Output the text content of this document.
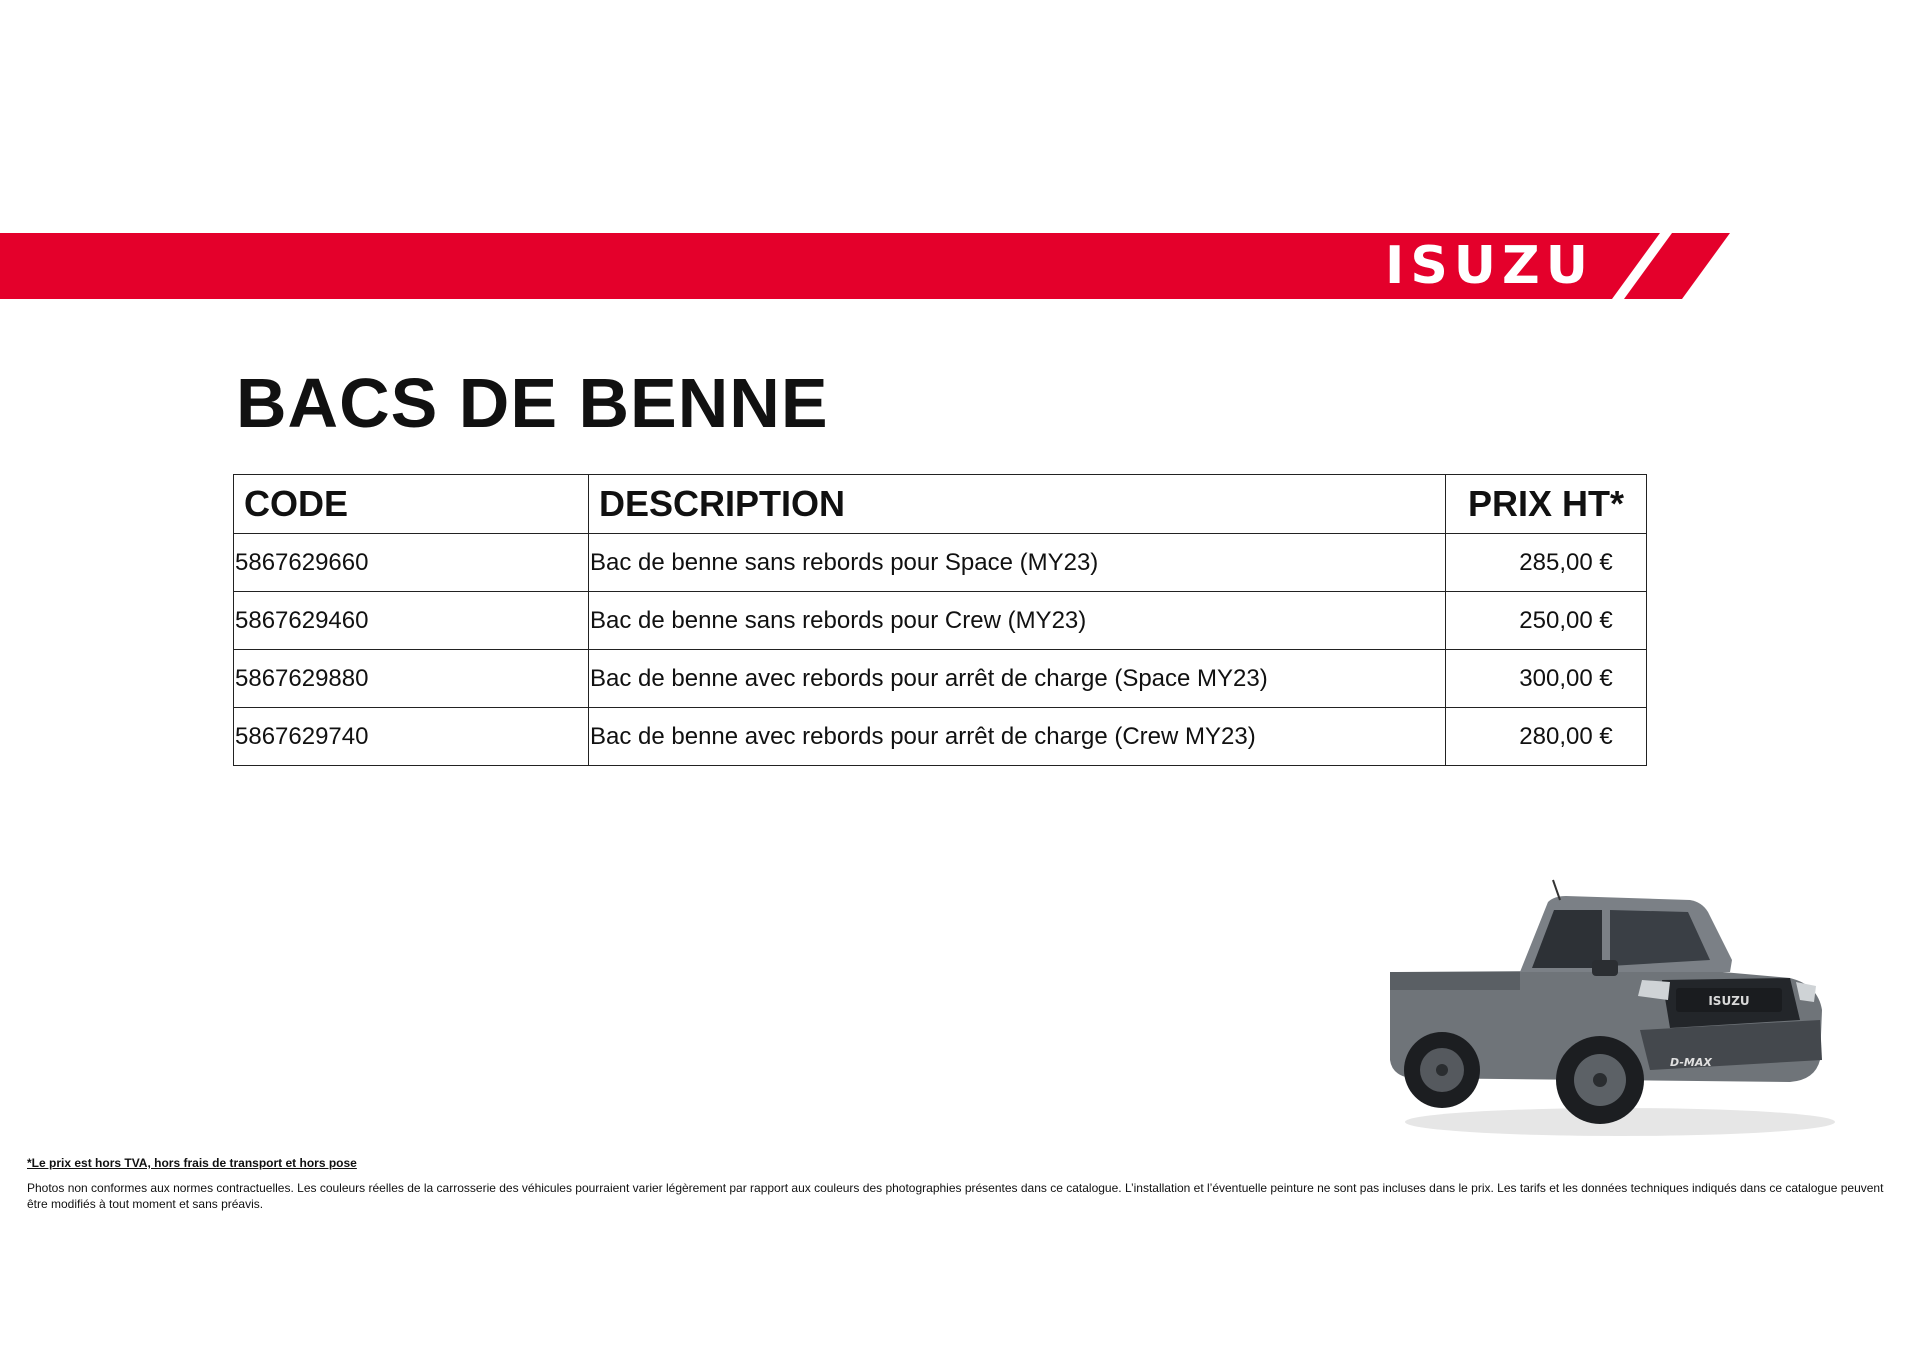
ISUZU
BACS DE BENNE
CODE	DESCRIPTION	PRIX HT*
5867629660	Bac de benne sans rebords pour Space (MY23)	285,00 €
5867629460	Bac de benne sans rebords pour Crew (MY23)	250,00 €
5867629880	Bac de benne avec rebords pour arrêt de charge (Space MY23)	300,00 €
5867629740	Bac de benne avec rebords pour arrêt de charge (Crew MY23)	280,00 €
ISUZU
D-MAX

*Le prix est hors TVA, hors frais de transport et hors pose

Photos non conformes aux normes contractuelles. Les couleurs réelles de la carrosserie des véhicules pourraient varier légèrement par rapport aux couleurs des photographies présentes dans ce catalogue. L’installation et l’éventuelle peinture ne sont pas incluses dans le prix. Les tarifs et les données techniques indiqués dans ce catalogue peuvent être modifiés à tout moment et sans préavis.
